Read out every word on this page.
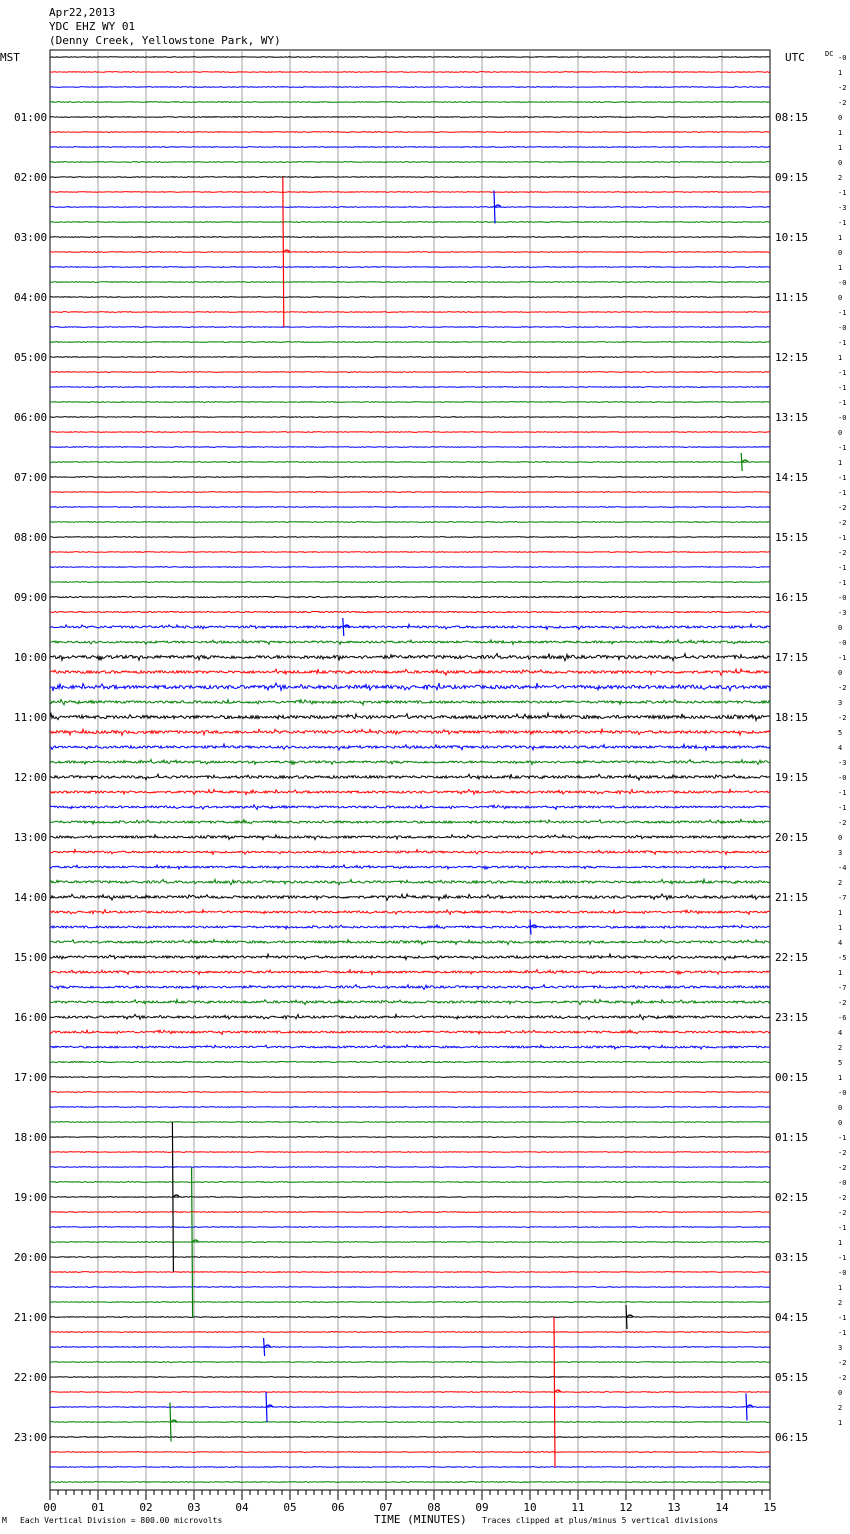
Apr22,2013
YDC EHZ WY 01
(Denny Creek, Yellowstone Park, WY)
MST	UTC	DC
01:00
02:00
03:00
04:00
05:00
06:00
07:00
08:00
09:00
10:00
11:00
12:00
13:00
14:00
15:00
16:00
17:00
18:00
19:00
20:00
21:00
22:00
23:00
08:15
09:15
10:15
11:15
12:15
13:15
14:15
15:15
16:15
17:15
18:15
19:15
20:15
21:15
22:15
23:15
00:15
01:15
02:15
03:15
04:15
05:15
06:15
-0
1
-2
-2
0
1
1
0
2
-1
-3
-1
1
0
1
-0
0
-1
-0
-1
1
-1
-1
-1
-0
0
-1
1
-1
-1
-2
-2
-1
-2
-1
-1
-0
-3
0
-0
-1
0
-2
3
-2
5
4
-3
-0
-1
-1
-2
0
3
-4
2
-7
1
1
4
-5
1
-7
-2
-6
4
2
5
1
-0
0
0
-1
-2
-2
-0
-2
-2
-1
1
-1
-0
1
2
-1
-1
3
-2
-2
0
2
1
00	01	02	03	04	05	06	07	08	09	10	11	12	13	14	15
M Each Vertical Division = 800.00 microvolts	TIME (MINUTES) Traces clipped at plus/minus 5 vertical divisions
